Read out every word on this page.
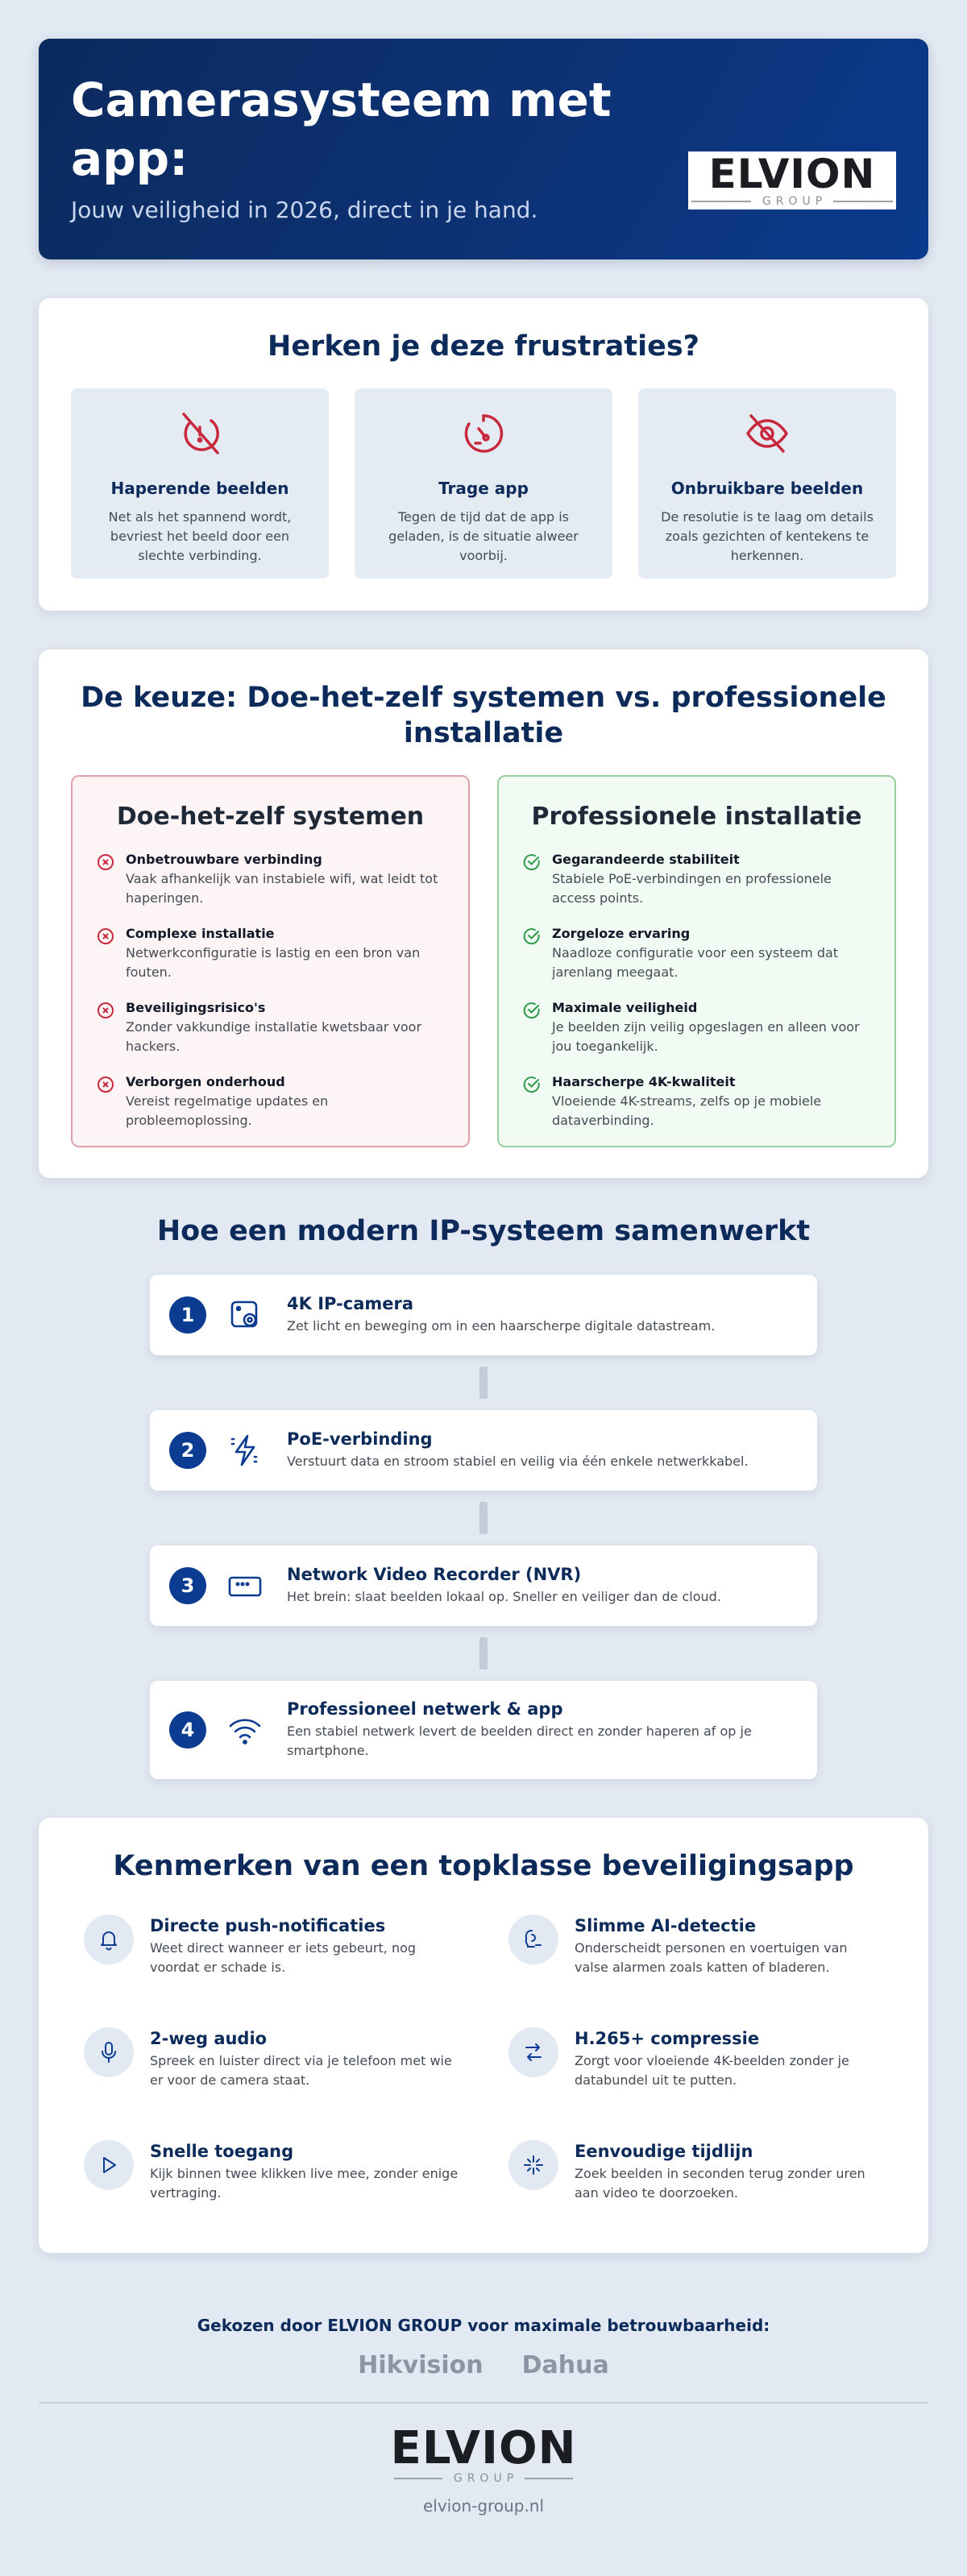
Camerasysteem met app:

Jouw veiligheid in 2026, direct in je hand.

ELVION
GROUP
Herken je deze frustraties?
Haperende beelden
Net als het spannend wordt, bevriest het beeld door een slechte verbinding.
Trage app
Tegen de tijd dat de app is geladen, is de situatie alweer voorbij.
Onbruikbare beelden
De resolutie is te laag om details zoals gezichten of kentekens te herkennen.
De keuze: Doe-het-zelf systemen vs. professionele installatie
Doe-het-zelf systemen
Onbetrouwbare verbinding
Vaak afhankelijk van instabiele wifi, wat leidt tot haperingen.
Complexe installatie
Netwerkconfiguratie is lastig en een bron van fouten.
Beveiligingsrisico's
Zonder vakkundige installatie kwetsbaar voor hackers.
Verborgen onderhoud
Vereist regelmatige updates en probleemoplossing.
Professionele installatie
Gegarandeerde stabiliteit
Stabiele PoE-verbindingen en professionele access points.
Zorgeloze ervaring
Naadloze configuratie voor een systeem dat jarenlang meegaat.
Maximale veiligheid
Je beelden zijn veilig opgeslagen en alleen voor jou toegankelijk.
Haarscherpe 4K-kwaliteit
Vloeiende 4K-streams, zelfs op je mobiele dataverbinding.
Hoe een modern IP-systeem samenwerkt
1	4K IP-camera
Zet licht en beweging om in een haarscherpe digitale datastream.
2	PoE-verbinding
Verstuurt data en stroom stabiel en veilig via één enkele netwerkkabel.
3	Network Video Recorder (NVR)
Het brein: slaat beelden lokaal op. Sneller en veiliger dan de cloud.
4
Professioneel netwerk & app
Een stabiel netwerk levert de beelden direct en zonder haperen af op je smartphone.
Kenmerken van een topklasse beveiligingsapp
Directe push-notificaties
Weet direct wanneer er iets gebeurt, nog voordat er schade is.
Slimme AI-detectie
Onderscheidt personen en voertuigen van valse alarmen zoals katten of bladeren.
2-weg audio
Spreek en luister direct via je telefoon met wie er voor de camera staat.
H.265+ compressie
Zorgt voor vloeiende 4K-beelden zonder je databundel uit te putten.
Snelle toegang
Kijk binnen twee klikken live mee, zonder enige vertraging.
Eenvoudige tijdlijn
Zoek beelden in seconden terug zonder uren aan video te doorzoeken.

Gekozen door ELVION GROUP voor maximale betrouwbaarheid:

Hikvision Dahua
ELVION
GROUP

elvion-group.nl
